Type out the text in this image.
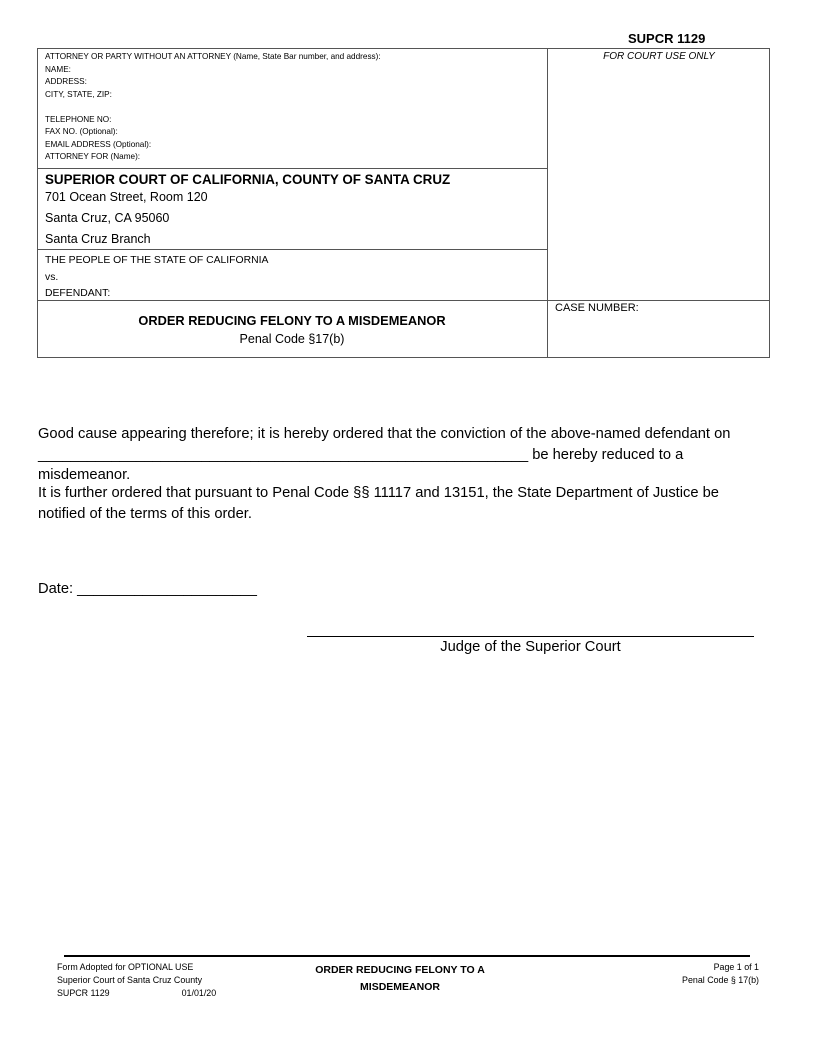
SUPCR 1129
ATTORNEY OR PARTY WITHOUT AN ATTORNEY (Name, State Bar number, and address):
NAME:
ADDRESS:
CITY, STATE, ZIP:

TELEPHONE NO:
FAX NO. (Optional):
EMAIL ADDRESS (Optional):
ATTORNEY FOR (Name):
FOR COURT USE ONLY
SUPERIOR COURT OF CALIFORNIA, COUNTY OF SANTA CRUZ
701 Ocean Street, Room 120
Santa Cruz, CA 95060
Santa Cruz Branch
THE PEOPLE OF THE STATE OF CALIFORNIA
vs.
DEFENDANT:
ORDER REDUCING FELONY TO A MISDEMEANOR
Penal Code §17(b)
CASE NUMBER:
Good cause appearing therefore; it is hereby ordered that the conviction of the above-named defendant on
____________________________________________________________ be hereby reduced to a misdemeanor.
It is further ordered that pursuant to Penal Code §§ 11117 and 13151, the State Department of Justice be notified of the terms of this order.
Date: ______________________
Judge of the Superior Court
Form Adopted for OPTIONAL USE
Superior Court of Santa Cruz County
SUPCR 1129	01/01/20
ORDER REDUCING FELONY TO A
MISDEMEANOR
Page 1 of 1
Penal Code § 17(b)
